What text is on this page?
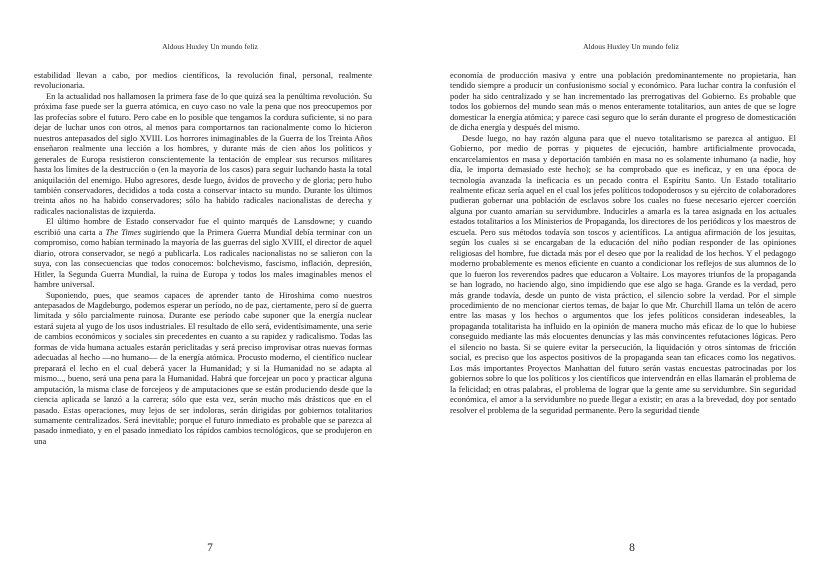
Aldous Huxley Un mundo feliz

estabilidad llevan a cabo, por medios científicos, la revolución final, personal, realmente revolucionaria.

En la actualidad nos hallamosen la primera fase de lo que quizá sea la penúltima revolución. Su próxima fase puede ser la guerra atómica, en cuyo caso no vale la pena que nos preocupemos por las profecías sobre el futuro. Pero cabe en lo posible que tengamos la cordura suficiente, si no para dejar de luchar unos con otros, al menos para comportarnos tan racionalmente como lo hicieron nuestros antepasados del siglo XVIII. Los horrores inimaginables de la Guerra de los Treinta Años enseñaron realmente una lección a los hombres, y durante más de cien años los políticos y generales de Europa resistieron conscientemente la tentación de emplear sus recursos militares hasta los límites de la destrucción o (en la mayoría de los casos) para seguir luchando hasta la total aniquilación del enemigo. Hubo agresores, desde luego, ávidos de provecho y de gloria; pero hubo también conservadores, decididos a toda costa a conservar intacto su mundo. Durante los últimos treinta años no ha habido conservadores; sólo ha habido radicales nacionalistas de derecha y radicales nacionalistas de izquierda.

El último hombre de Estado conservador fue el quinto marqués de Lansdowne; y cuando escribió una carta a The Times sugiriendo que la Primera Guerra Mundial debía terminar con un compromiso, como habían terminado la mayoría de las guerras del siglo XVIII, el director de aquel diario, otrora conservador, se negó a publicarla. Los radicales nacionalistas no se salieron con la suya, con las consecuencias que todos conocemos: bolchevismo, fascismo, inflación, depresión, Hitler, la Segunda Guerra Mundial, la ruina de Europa y todos los males imaginables menos el hambre universal.

Suponiendo, pues, que seamos capaces de aprender tanto de Hiroshima como nuestros antepasados de Magdeburgo, podemos esperar un período, no de paz, ciertamente, pero sí de guerra limitada y sólo parcialmente ruinosa. Durante ese período cabe suponer que la energía nuclear estará sujeta al yugo de los usos industriales. El resultado de ello será, evidentísimamente, una serie de cambios económicos y sociales sin precedentes en cuanto a su rapidez y radicalismo. Todas las formas de vida humana actuales estarán periclitadas y será preciso improvisar otras nuevas formas adecuadas al hecho —no humano— de la energía atómica. Procusto moderno, el científico nuclear preparará el lecho en el cual deberá yacer la Humanidad; y si la Humanidad no se adapta al mismo..., bueno, será una pena para la Humanidad. Habrá que forcejear un poco y practicar alguna amputación, la misma clase de forcejeos y de amputaciones que se están produciendo desde que la ciencia aplicada se lanzó a la carrera; sólo que esta vez, serán mucho más drásticos que en el pasado. Estas operaciones, muy lejos de ser indoloras, serán dirigidas por gobiernos totalitarios sumamente centralizados. Será inevitable; porque el futuro inmediato es probable que se parezca al pasado inmediato, y en el pasado inmediato los rápidos cambios tecnológicos, que se produjeron en una

7
Aldous Huxley Un mundo feliz

economía de producción masiva y entre una población predominantemente no propietaria, han tendido siempre a producir un confusionismo social y económico. Para luchar contra la confusión el poder ha sido centralizado y se han incrementado las prerrogativas del Gobierno. Es probable que todos los gobiernos del mundo sean más o menos enteramente totalitarios, aun antes de que se logre domesticar la energía atómica; y parece casi seguro que lo serán durante el progreso de domesticación de dicha energía y después del mismo.

Desde luego, no hay razón alguna para que el nuevo totalitarismo se parezca al antiguo. El Gobierno, por medio de porras y piquetes de ejecución, hambre artificialmente provocada, encarcelamientos en masa y deportación también en masa no es solamente inhumano (a nadie, hoy día, le importa demasiado este hecho); se ha comprobado que es ineficaz, y en una época de tecnología avanzada la ineficacia es un pecado contra el Espíritu Santo. Un Estado totalitario realmente eficaz sería aquel en el cual los jefes políticos todopoderosos y su ejército de colaboradores pudieran gobernar una población de esclavos sobre los cuales no fuese necesario ejercer coerción alguna por cuanto amarían su servidumbre. Inducirles a amarla es la tarea asignada en los actuales estados totalitarios a los Ministerios de Propaganda, los directores de los periódicos y los maestros de escuela. Pero sus métodos todavía son toscos y acientíficos. La antigua afirmación de los jesuitas, según los cuales si se encargaban de la educación del niño podían responder de las opiniones religiosas del hombre, fue dictada más por el deseo que por la realidad de los hechos. Y el pedagogo moderno probablemente es menos eficiente en cuanto a condicionar los reflejos de sus alumnos de lo que lo fueron los reverendos padres que educaron a Voltaire. Los mayores triunfos de la propaganda se han logrado, no haciendo algo, sino impidiendo que ese algo se haga. Grande es la verdad, pero más grande todavía, desde un punto de vista práctico, el silencio sobre la verdad. Por el simple procedimiento de no mencionar ciertos temas, de bajar lo que Mr. Churchill llama un telón de acero entre las masas y los hechos o argumentos que los jefes políticos consideran indeseables, la propaganda totalitarista ha influido en la opinión de manera mucho más eficaz de lo que lo hubiese conseguido mediante las más elocuentes denuncias y las más convincentes refutaciones lógicas. Pero el silencio no basta. Si se quiere evitar la persecución, la liquidación y otros síntomas de fricción social, es preciso que los aspectos positivos de la propaganda sean tan eficaces como los negativos. Los más importantes Proyectos Manhattan del futuro serán vastas encuestas patrocinadas por los gobiernos sobre lo que los políticos y los científicos que intervendrán en ellas llamarán el problema de la felicidad; en otras palabras, el problema de lograr que la gente ame su servidumbre. Sin seguridad económica, el amor a la servidumbre no puede llegar a existir; en aras a la brevedad, doy por sentado resolver el problema de la seguridad permanente. Pero la seguridad tiende

8
